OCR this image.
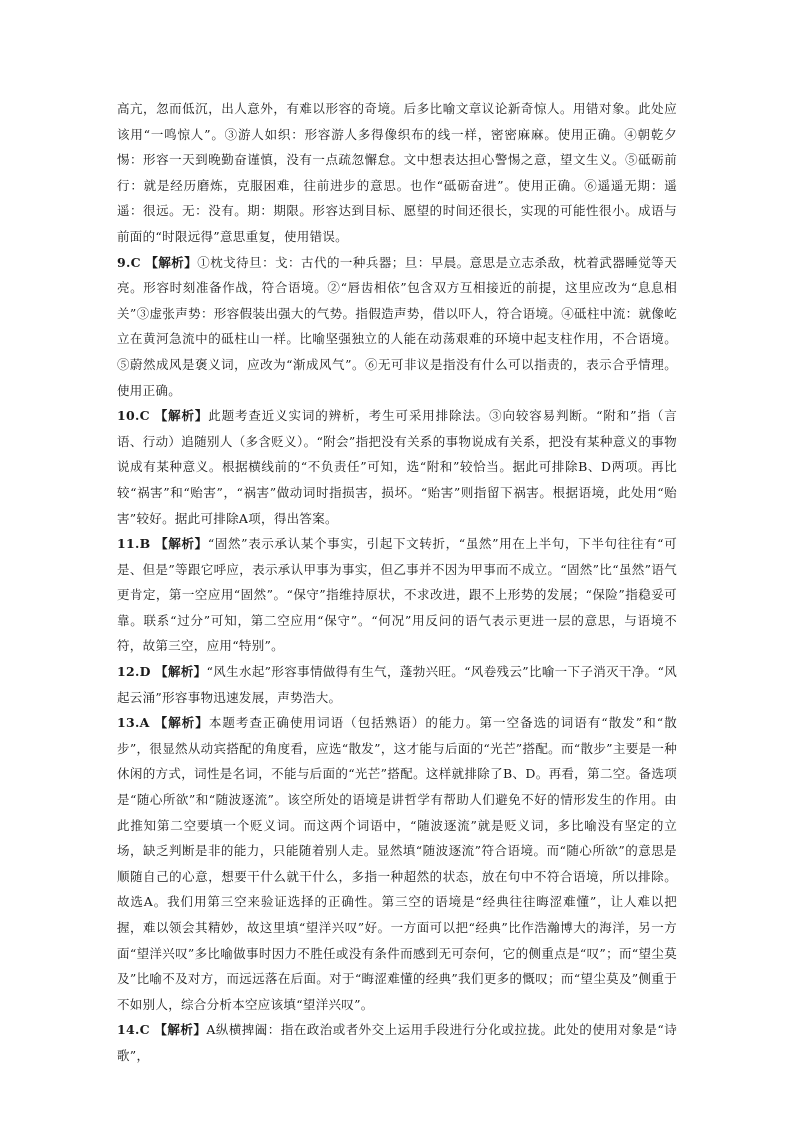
高亢，忽而低沉，出人意外，有难以形容的奇境。后多比喻文章议论新奇惊人。用错对象。此处应该用“一鸣惊人”。③游人如织：形容游人多得像织布的线一样，密密麻麻。使用正确。④朝乾夕惕：形容一天到晚勤奋谨慎，没有一点疏忽懈怠。文中想表达担心警惕之意，望文生义。⑤砥砺前行：就是经历磨炼，克服困难，往前进步的意思。也作“砥砺奋进”。使用正确。⑥遥遥无期：遥遥：很远。无：没有。期：期限。形容达到目标、愿望的时间还很长，实现的可能性很小。成语与前面的“时限远得”意思重复，使用错误。

9.C 【解析】①枕戈待旦：戈：古代的一种兵器；旦：早晨。意思是立志杀敌，枕着武器睡觉等天亮。形容时刻准备作战，符合语境。②“唇齿相依”包含双方互相接近的前提，这里应改为“息息相关”③虚张声势：形容假装出强大的气势。指假造声势，借以吓人，符合语境。④砥柱中流：就像屹立在黄河急流中的砥柱山一样。比喻坚强独立的人能在动荡艰难的环境中起支柱作用，不合语境。⑤蔚然成风是褒义词，应改为“渐成风气”。⑥无可非议是指没有什么可以指责的，表示合乎情理。使用正确。

10.C 【解析】此题考查近义实词的辨析，考生可采用排除法。③向较容易判断。“附和”指（言语、行动）追随别人（多含贬义）。“附会”指把没有关系的事物说成有关系，把没有某种意义的事物说成有某种意义。根据横线前的“不负责任”可知，选“附和”较恰当。据此可排除B、D两项。再比较“祸害”和“贻害”，“祸害”做动词时指损害，损坏。“贻害”则指留下祸害。根据语境，此处用“贻害”较好。据此可排除A项，得出答案。

11.B 【解析】“固然”表示承认某个事实，引起下文转折，“虽然”用在上半句，下半句往往有“可是、但是”等跟它呼应，表示承认甲事为事实，但乙事并不因为甲事而不成立。“固然”比“虽然”语气更肯定，第一空应用“固然”。“保守”指维持原状，不求改进，跟不上形势的发展；“保险”指稳妥可靠。联系“过分”可知，第二空应用“保守”。“何况”用反问的语气表示更进一层的意思，与语境不符，故第三空，应用“特别”。

12.D 【解析】“风生水起”形容事情做得有生气，蓬勃兴旺。“风卷残云”比喻一下子消灭干净。“风起云涌”形容事物迅速发展，声势浩大。

13.A 【解析】本题考查正确使用词语（包括熟语）的能力。第一空备选的词语有“散发”和“散步”，很显然从动宾搭配的角度看，应选“散发”，这才能与后面的“光芒”搭配。而“散步”主要是一种休闲的方式，词性是名词，不能与后面的“光芒”搭配。这样就排除了B、D。再看，第二空。备选项是“随心所欲”和“随波逐流”。该空所处的语境是讲哲学有帮助人们避免不好的情形发生的作用。由此推知第二空要填一个贬义词。而这两个词语中，“随波逐流”就是贬义词，多比喻没有坚定的立场，缺乏判断是非的能力，只能随着别人走。显然填“随波逐流”符合语境。而“随心所欲”的意思是顺随自己的心意，想要干什么就干什么，多指一种超然的状态，放在句中不符合语境，所以排除。故选A。我们用第三空来验证选择的正确性。第三空的语境是“经典往往晦涩难懂”，让人难以把握，难以领会其精妙，故这里填“望洋兴叹”好。一方面可以把“经典”比作浩瀚博大的海洋，另一方面“望洋兴叹”多比喻做事时因力不胜任或没有条件而感到无可奈何，它的侧重点是“叹”；而“望尘莫及”比喻不及对方，而远远落在后面。对于“晦涩难懂的经典”我们更多的慨叹；而“望尘莫及”侧重于不如别人，综合分析本空应该填“望洋兴叹”。

14.C 【解析】A纵横捭阖：指在政治或者外交上运用手段进行分化或拉拢。此处的使用对象是“诗歌”，
